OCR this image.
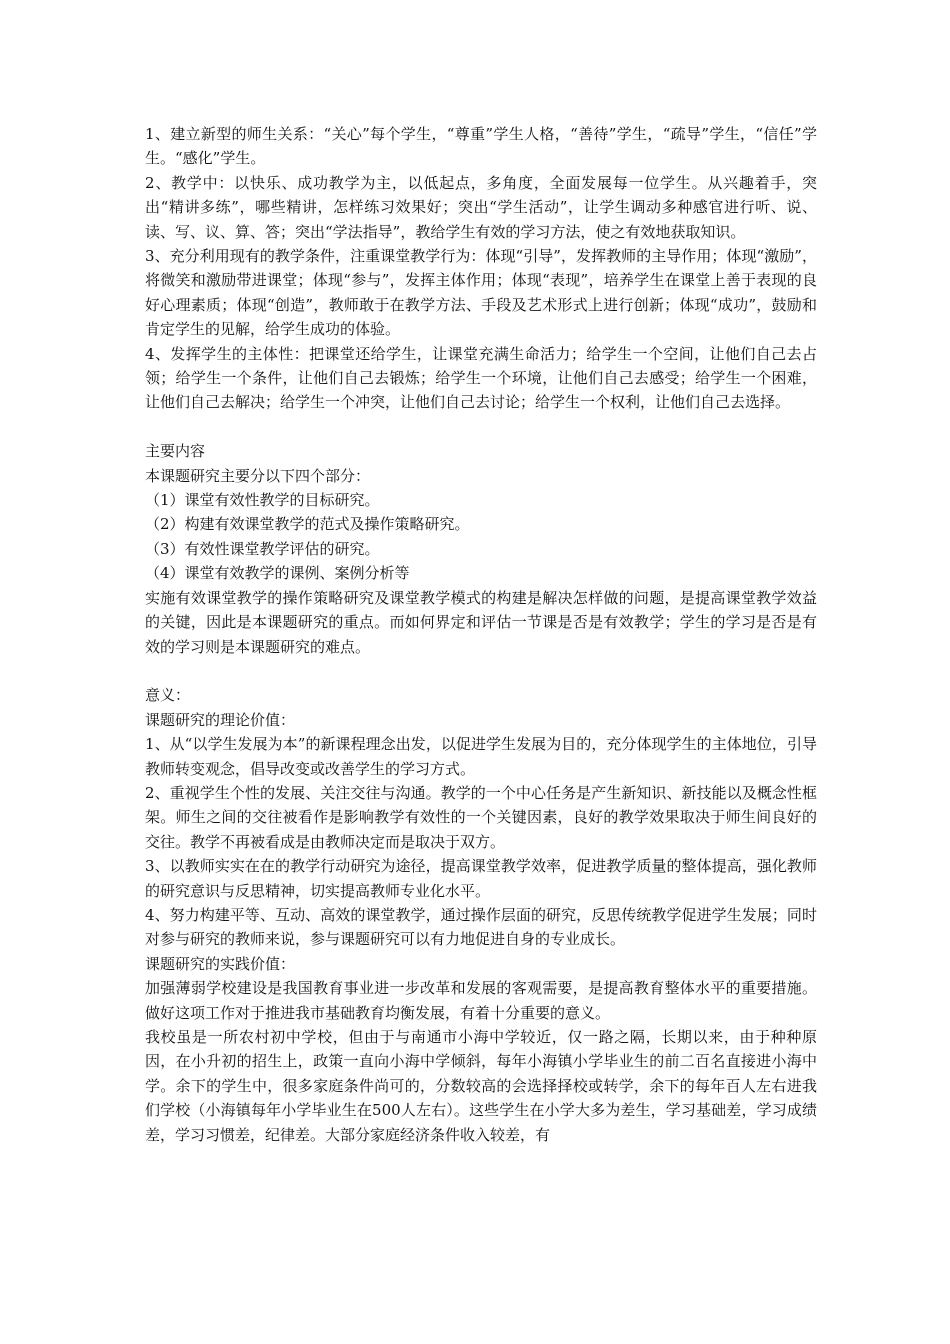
1、建立新型的师生关系：“关心”每个学生，“尊重”学生人格，“善待”学生，“疏导”学生，“信任”学生。“感化”学生。

2、教学中：以快乐、成功教学为主，以低起点，多角度，全面发展每一位学生。从兴趣着手，突出“精讲多练”，哪些精讲，怎样练习效果好；突出“学生活动”，让学生调动多种感官进行听、说、读、写、议、算、答；突出“学法指导”，教给学生有效的学习方法，使之有效地获取知识。

3、充分利用现有的教学条件，注重课堂教学行为：体现“引导”，发挥教师的主导作用；体现“激励”，将微笑和激励带进课堂；体现“参与”，发挥主体作用；体现“表现”，培养学生在课堂上善于表现的良好心理素质；体现“创造”，教师敢于在教学方法、手段及艺术形式上进行创新；体现“成功”，鼓励和肯定学生的见解，给学生成功的体验。

4、发挥学生的主体性：把课堂还给学生，让课堂充满生命活力；给学生一个空间，让他们自己去占领；给学生一个条件，让他们自己去锻炼；给学生一个环境，让他们自己去感受；给学生一个困难，让他们自己去解决；给学生一个冲突，让他们自己去讨论；给学生一个权利，让他们自己去选择。

主要内容

本课题研究主要分以下四个部分：

（1）课堂有效性教学的目标研究。

（2）构建有效课堂教学的范式及操作策略研究。

（3）有效性课堂教学评估的研究。

（4）课堂有效教学的课例、案例分析等

实施有效课堂教学的操作策略研究及课堂教学模式的构建是解决怎样做的问题，是提高课堂教学效益的关键，因此是本课题研究的重点。而如何界定和评估一节课是否是有效教学；学生的学习是否是有效的学习则是本课题研究的难点。

意义：

课题研究的理论价值：

1、从“以学生发展为本”的新课程理念出发，以促进学生发展为目的，充分体现学生的主体地位，引导教师转变观念，倡导改变或改善学生的学习方式。

2、重视学生个性的发展、关注交往与沟通。教学的一个中心任务是产生新知识、新技能以及概念性框架。师生之间的交往被看作是影响教学有效性的一个关键因素，良好的教学效果取决于师生间良好的交往。教学不再被看成是由教师决定而是取决于双方。

3、以教师实实在在的教学行动研究为途径，提高课堂教学效率，促进教学质量的整体提高，强化教师的研究意识与反思精神，切实提高教师专业化水平。

4、努力构建平等、互动、高效的课堂教学，通过操作层面的研究，反思传统教学促进学生发展；同时对参与研究的教师来说，参与课题研究可以有力地促进自身的专业成长。

课题研究的实践价值：

加强薄弱学校建设是我国教育事业进一步改革和发展的客观需要，是提高教育整体水平的重要措施。做好这项工作对于推进我市基础教育均衡发展，有着十分重要的意义。

我校虽是一所农村初中学校，但由于与南通市小海中学较近，仅一路之隔，长期以来，由于种种原因，在小升初的招生上，政策一直向小海中学倾斜，每年小海镇小学毕业生的前二百名直接进小海中学。余下的学生中，很多家庭条件尚可的，分数较高的会选择择校或转学，余下的每年百人左右进我们学校（小海镇每年小学毕业生在500人左右）。这些学生在小学大多为差生，学习基础差，学习成绩差，学习习惯差，纪律差。大部分家庭经济条件收入较差，有
